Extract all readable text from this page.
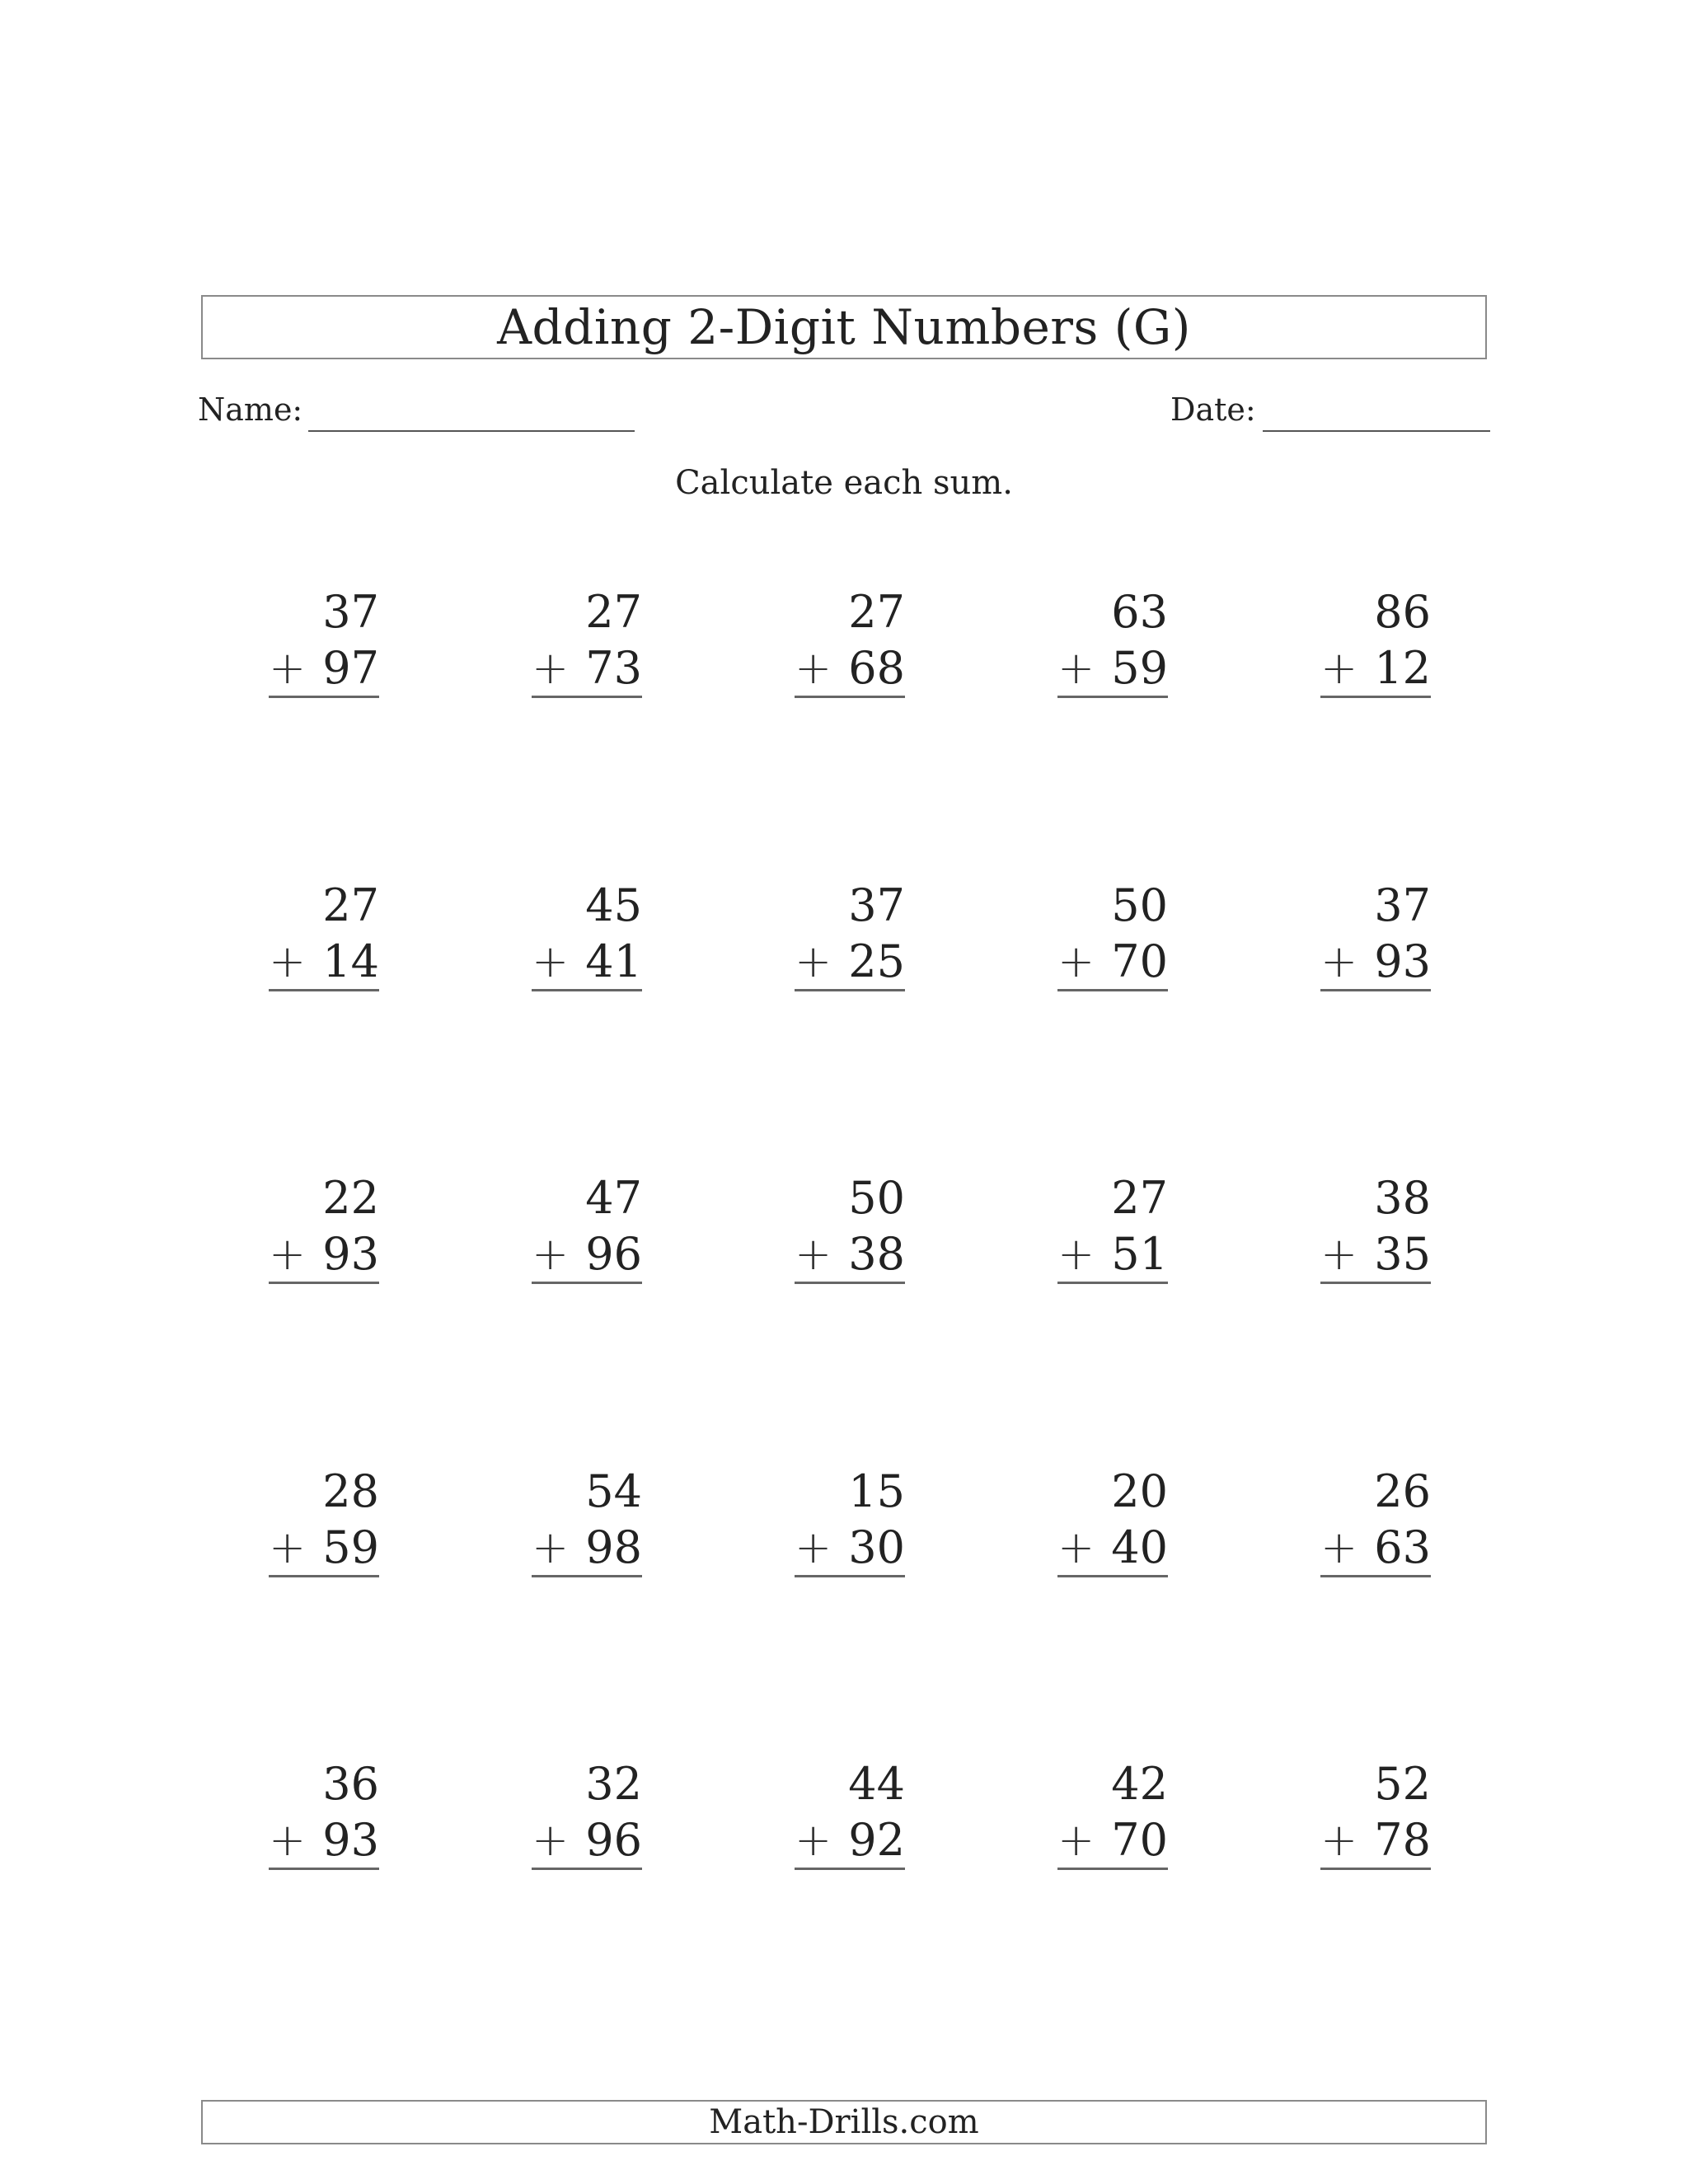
Adding 2-Digit Numbers (G)
Name:	Date:
Calculate each sum.
37
+ 97
27
+ 73
27
+ 68
63
+ 59
86
+ 12
27
+ 14
45
+ 41
37
+ 25
50
+ 70
37
+ 93
22
+ 93
47
+ 96
50
+ 38
27
+ 51
38
+ 35
28
+ 59
54
+ 98
15
+ 30
20
+ 40
26
+ 63
36
+ 93
32
+ 96
44
+ 92
42
+ 70
52
+ 78
Math-Drills.com
